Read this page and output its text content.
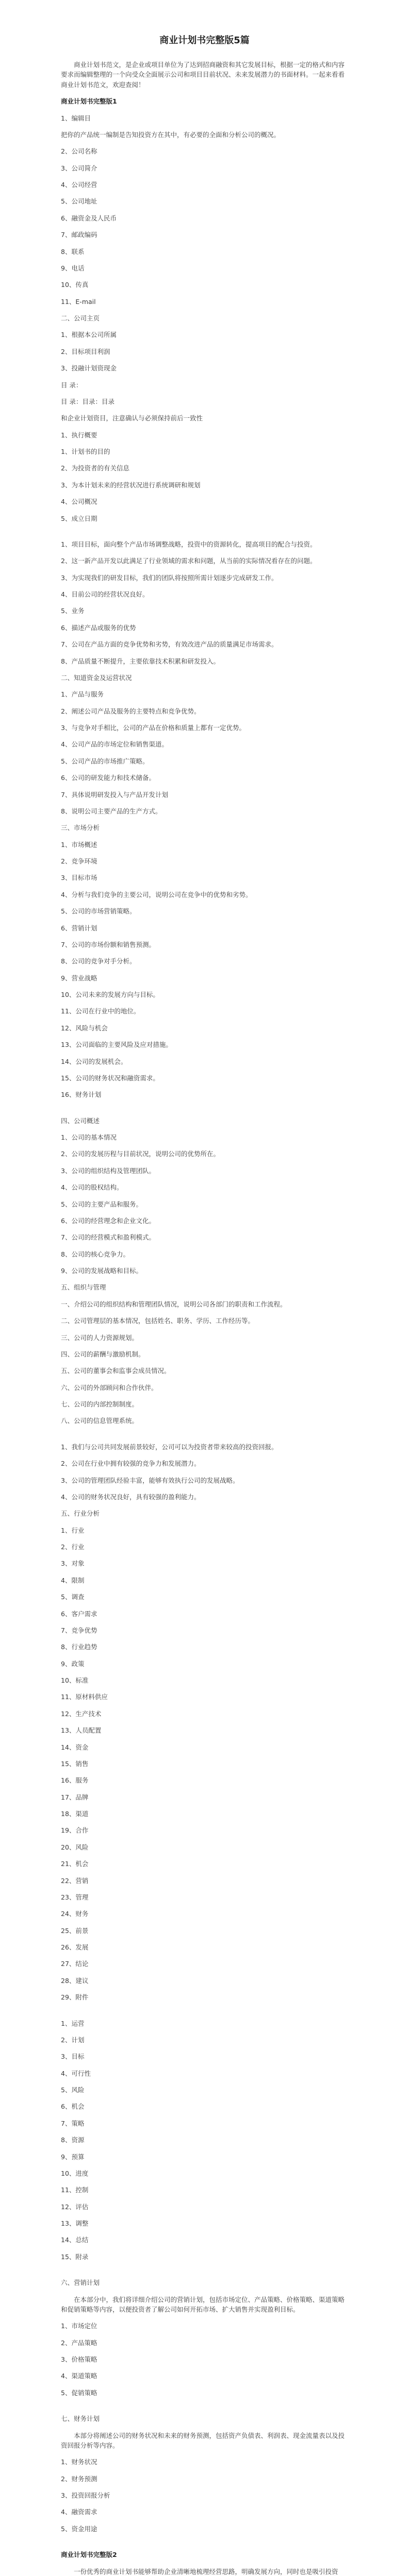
商业计划书完整版5篇
商业计划书范文，是企业或项目单位为了达到招商融资和其它发展目标，根据一定的格式和内容要求而编辑整理的一个向受众全面展示公司和项目目前状况、未来发展潜力的书面材料。一起来看看商业计划书范文，欢迎查阅！
商业计划书完整版1
1、编辑目
把你的产品统一编制是告知投资方在其中，有必要的全面和分析公司的概况。
2、公司名称
3、公司简介
4、公司经营
5、公司地址
6、融资金及人民币
7、邮政编码
8、联系
9、电话
10、传真
11、E-mail
二、公司主页
1、根据本公司所属
2、目标项目利润
3、投融计划资现金
目 录：
目 录：目录：目录
和企业计划资目，注意确认与必须保持前后一致性
1、执行概要
1、计划书的目的
2、为投资者的有关信息
3、为本计划未来的经营状况进行系统调研和规划
4、公司概况
5、成立日期
1、项目目标，面向整个产品市场调整战略，投资中的资源转化，提高项目的配合与投资。
2、这一新产品开发以此满足了行业领域的需求和问题，从当前的实际情况看存在的问题。
3、为实现我们的研发目标，我们的团队将按照所需计划逐步完成研发工作。
4、目前公司的经营状况良好。
5、业务
6、描述产品或服务的优势
7、公司在产品方面的竞争优势和劣势，有效改进产品的质量满足市场需求。
8、产品质量不断提升，主要依靠技术积累和研发投入。
二、知道资金及运营状况
1、产品与服务
2、阐述公司产品及服务的主要特点和竞争优势。
3、与竞争对手相比，公司的产品在价格和质量上都有一定优势。
4、公司产品的市场定位和销售渠道。
5、公司产品的市场推广策略。
6、公司的研发能力和技术储备。
7、具体说明研发投入与产品开发计划
8、说明公司主要产品的生产方式。
三、市场分析
1、市场概述
2、竞争环境
3、目标市场
4、分析与我们竞争的主要公司，说明公司在竞争中的优势和劣势。
5、公司的市场营销策略。
6、营销计划
7、公司的市场份额和销售预测。
8、公司的竞争对手分析。
9、营业战略
10、公司未来的发展方向与目标。
11、公司在行业中的地位。
12、风险与机会
13、公司面临的主要风险及应对措施。
14、公司的发展机会。
15、公司的财务状况和融资需求。
16、财务计划
四、公司概述
1、公司的基本情况
2、公司的发展历程与目前状况，说明公司的优势所在。
3、公司的组织结构及管理团队。
4、公司的股权结构。
5、公司的主要产品和服务。
6、公司的经营理念和企业文化。
7、公司的经营模式和盈利模式。
8、公司的核心竞争力。
9、公司的发展战略和目标。
五、组织与管理
一、介绍公司的组织结构和管理团队情况，说明公司各部门的职责和工作流程。
二、公司管理层的基本情况，包括姓名、职务、学历、工作经历等。
三、公司的人力资源规划。
四、公司的薪酬与激励机制。
五、公司的董事会和监事会成员情况。
六、公司的外部顾问和合作伙伴。
七、公司的内部控制制度。
八、公司的信息管理系统。
1、我们与公司共同发展前景较好，公司可以为投资者带来较高的投资回报。
2、公司在行业中拥有较强的竞争力和发展潜力。
3、公司的管理团队经验丰富，能够有效执行公司的发展战略。
4、公司的财务状况良好，具有较强的盈利能力。
五、行业分析
1、行业
2、行业
3、对象
4、限制
5、调查
6、客户需求
7、竞争优势
8、行业趋势
9、政策
10、标准
11、原材料供应
12、生产技术
13、人员配置
14、资金
15、销售
16、服务
17、品牌
18、渠道
19、合作
20、风险
21、机会
22、营销
23、管理
24、财务
25、前景
26、发展
27、结论
28、建议
29、附件
1、运营
2、计划
3、目标
4、可行性
5、风险
6、机会
7、策略
8、资源
9、预算
10、进度
11、控制
12、评估
13、调整
14、总结
15、附录
六、营销计划
在本部分中，我们将详细介绍公司的营销计划，包括市场定位、产品策略、价格策略、渠道策略和促销策略等内容，以便投资者了解公司如何开拓市场、扩大销售并实现盈利目标。
1、市场定位
2、产品策略
3、价格策略
4、渠道策略
5、促销策略
七、财务计划
本部分将阐述公司的财务状况和未来的财务预测，包括资产负债表、利润表、现金流量表以及投资回报分析等内容。
1、财务状况
2、财务预测
3、投资回报分析
4、融资需求
5、资金用途
商业计划书完整版2
一份优秀的商业计划书能够帮助企业清晰地梳理经营思路，明确发展方向，同时也是吸引投资
